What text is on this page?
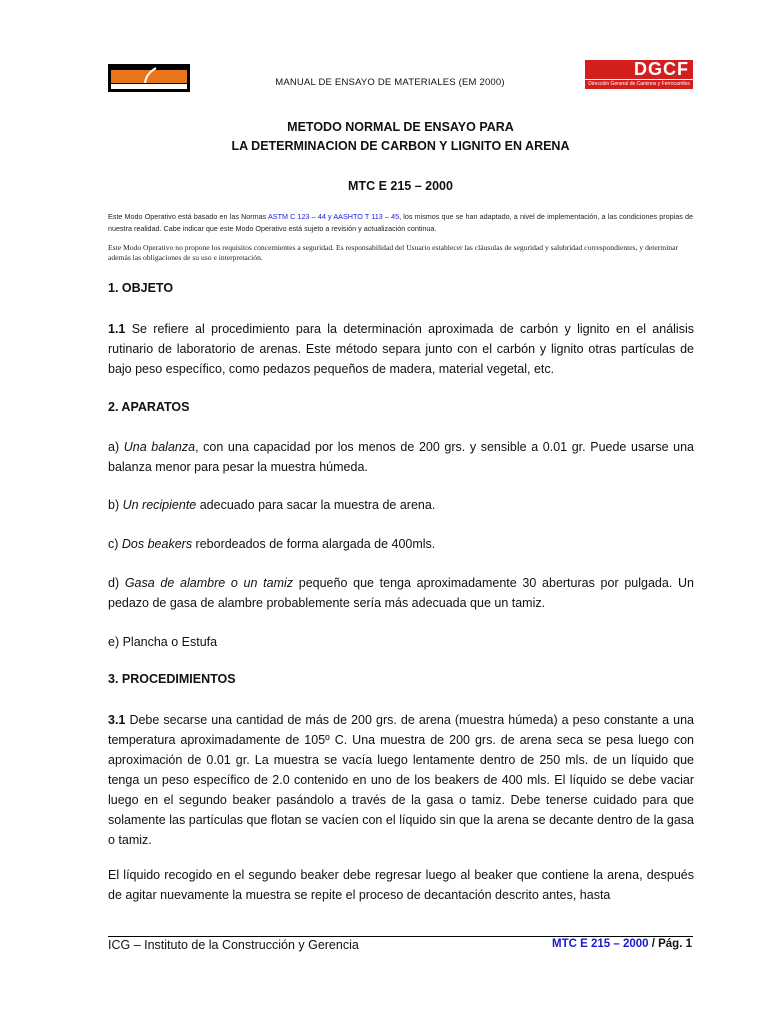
MANUAL DE ENSAYO DE MATERIALES (EM 2000)
DGCF
Dirección General de Caminos y Ferrocarriles
METODO NORMAL DE ENSAYO PARA
LA DETERMINACION DE CARBON Y LIGNITO EN ARENA
MTC E 215 – 2000
Este Modo Operativo está basado en las Normas ASTM C 123 – 44 y AASHTO T 113 – 45, los mismos que se han adaptado, a nivel de implementación, a las condiciones propias de nuestra realidad. Cabe indicar que este Modo Operativo está sujeto a revisión y actualización continua.
Este Modo Operativo no propone los requisitos concernientes a seguridad. Es responsabilidad del Usuario establecer las cláusulas de seguridad y salubridad correspondientes, y determinar además las obligaciones de su uso e interpretación.
1. OBJETO
1.1 Se refiere al procedimiento para la determinación aproximada de carbón y lignito en el análisis rutinario de laboratorio de arenas. Este método separa junto con el carbón y lignito otras partículas de bajo peso específico, como pedazos pequeños de madera, material vegetal, etc.
2. APARATOS
a) Una balanza, con una capacidad por los menos de 200 grs. y sensible a 0.01 gr. Puede usarse una balanza menor para pesar la muestra húmeda.
b) Un recipiente adecuado para sacar la muestra de arena.
c) Dos beakers rebordeados de forma alargada de 400mls.
d) Gasa de alambre o un tamiz pequeño que tenga aproximadamente 30 aberturas por pulgada. Un pedazo de gasa de alambre probablemente sería más adecuada que un tamiz.
e) Plancha o Estufa
3. PROCEDIMIENTOS
3.1 Debe secarse una cantidad de más de 200 grs. de arena (muestra húmeda) a peso constante a una temperatura aproximadamente de 105º C. Una muestra de 200 grs. de arena seca se pesa luego con aproximación de 0.01 gr. La muestra se vacía luego lentamente dentro de 250 mls. de un líquido que tenga un peso específico de 2.0 contenido en uno de los beakers de 400 mls. El líquido se debe vaciar luego en el segundo beaker pasándolo a través de la gasa o tamiz. Debe tenerse cuidado para que solamente las partículas que flotan se vacíen con el líquido sin que la arena se decante dentro de la gasa o tamiz.
El líquido recogido en el segundo beaker debe regresar luego al beaker que contiene la arena, después de agitar nuevamente la muestra se repite el proceso de decantación descrito antes, hasta
ICG – Instituto de la Construcción y Gerencia	MTC E 215 – 2000 / Pág. 1
